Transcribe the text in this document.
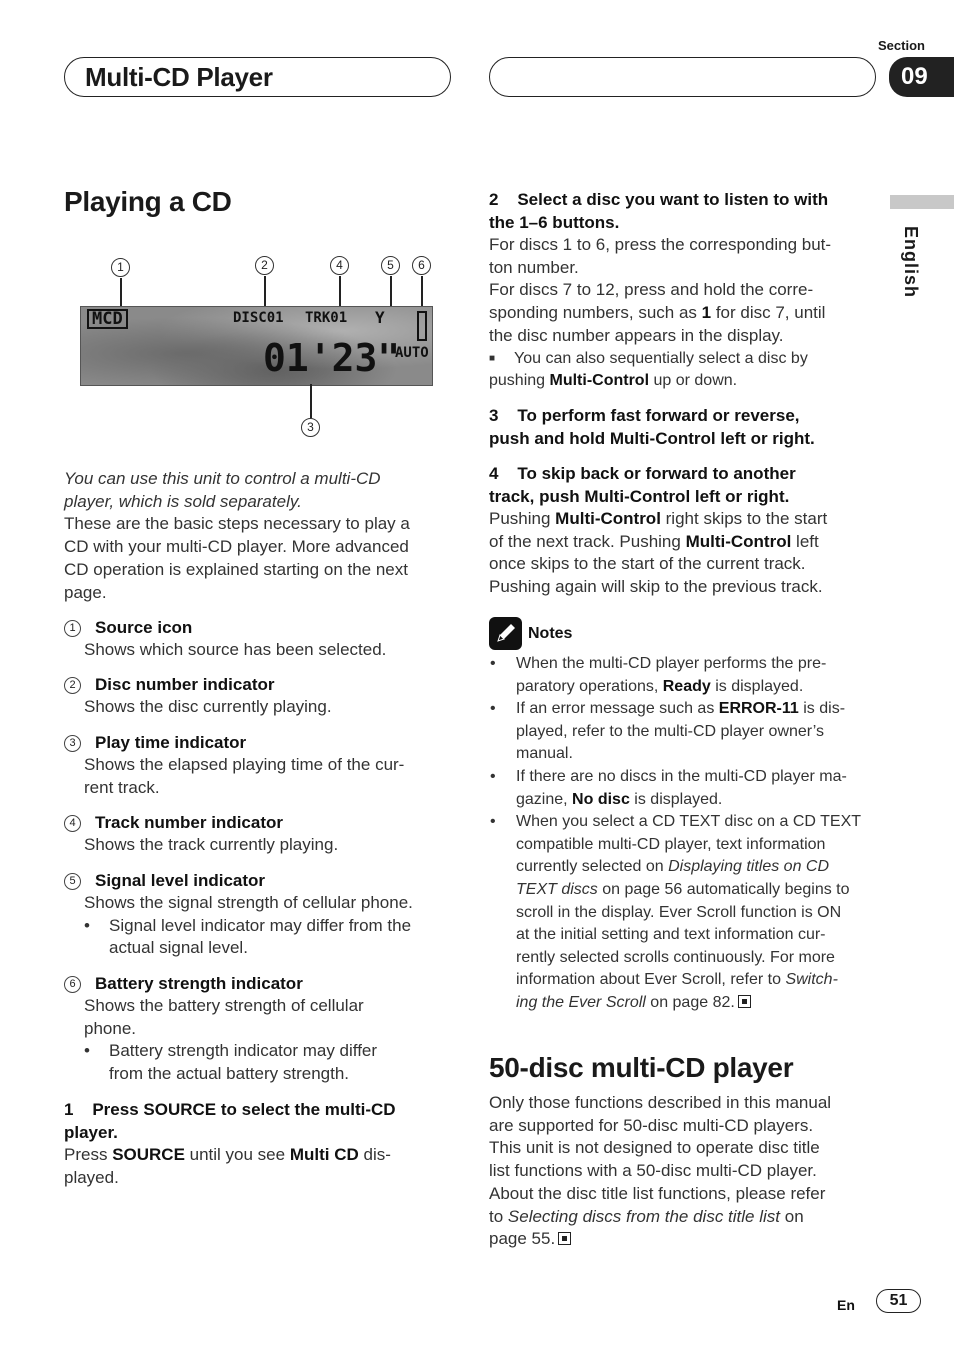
Multi-CD Player
Section
09
English
Playing a CD
1	2	4	5	6
MCD	DISC01 TRK01 Y
01'23"
AUTO
3
You can use this unit to control a multi-CD
player, which is sold separately.
These are the basic steps necessary to play a
CD with your multi-CD player. More advanced
CD operation is explained starting on the next
page.
1 Source icon
Shows which source has been selected.
2 Disc number indicator
Shows the disc currently playing.
3 Play time indicator
Shows the elapsed playing time of the cur-
rent track.
4 Track number indicator
Shows the track currently playing.
5 Signal level indicator
Shows the signal strength of cellular phone.
•	Signal level indicator may differ from the
actual signal level.
6 Battery strength indicator
Shows the battery strength of cellular
phone.
•	Battery strength indicator may differ
from the actual battery strength.
1    Press SOURCE to select the multi-CD
player.
Press SOURCE until you see Multi CD dis-
played.
2    Select a disc you want to listen to with
the 1–6 buttons.
For discs 1 to 6, press the corresponding but-
ton number.
For discs 7 to 12, press and hold the corre-
sponding numbers, such as 1 for disc 7, until
the disc number appears in the display.
■	You can also sequentially select a disc by
pushing Multi-Control up or down.
3    To perform fast forward or reverse,
push and hold Multi-Control left or right.
4    To skip back or forward to another
track, push Multi-Control left or right.
Pushing Multi-Control right skips to the start
of the next track. Pushing Multi-Control left
once skips to the start of the current track.
Pushing again will skip to the previous track.
Notes
•	When the multi-CD player performs the pre-
paratory operations, Ready is displayed.
•	If an error message such as ERROR-11 is dis-
played, refer to the multi-CD player owner’s
manual.
•	If there are no discs in the multi-CD player ma-
gazine, No disc is displayed.
•	When you select a CD TEXT disc on a CD TEXT
compatible multi-CD player, text information
currently selected on Displaying titles on CD
TEXT discs on page 56 automatically begins to
scroll in the display. Ever Scroll function is ON
at the initial setting and text information cur-
rently selected scrolls continuously. For more
information about Ever Scroll, refer to Switch-
ing the Ever Scroll on page 82.
50-disc multi-CD player
Only those functions described in this manual
are supported for 50-disc multi-CD players.
This unit is not designed to operate disc title
list functions with a 50-disc multi-CD player.
About the disc title list functions, please refer
to Selecting discs from the disc title list on
page 55.
En	51
